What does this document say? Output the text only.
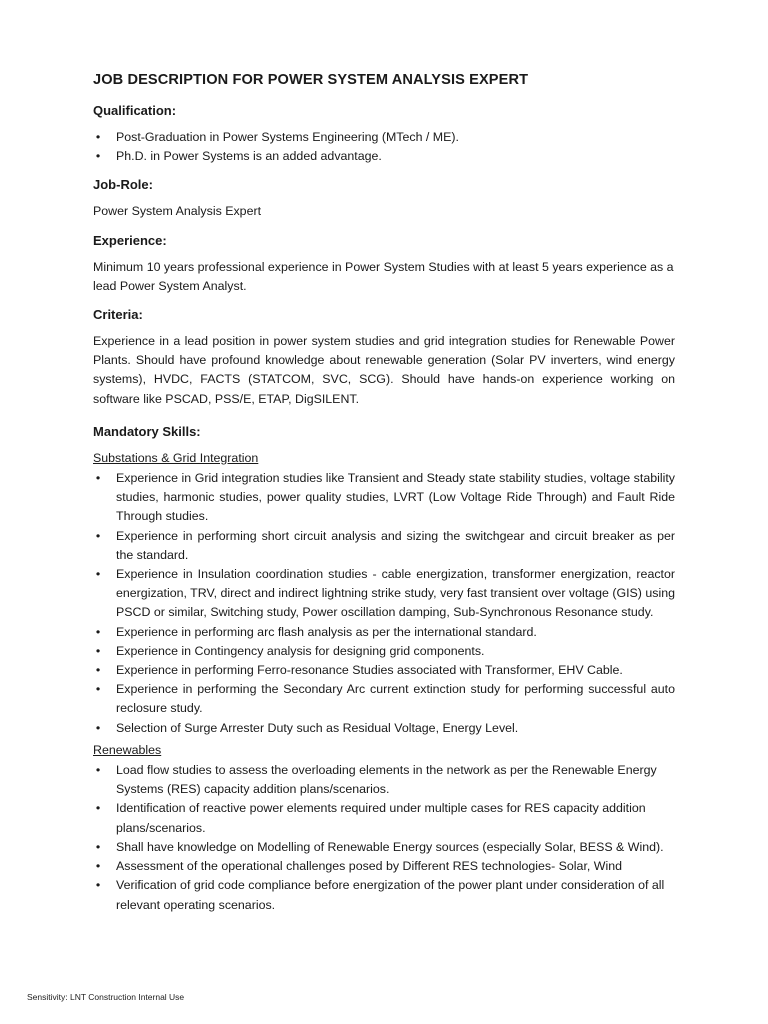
JOB DESCRIPTION FOR POWER SYSTEM ANALYSIS EXPERT
Qualification:
• Post-Graduation in Power Systems Engineering (MTech / ME).
• Ph.D. in Power Systems is an added advantage.
Job-Role:

Power System Analysis Expert

Experience:

Minimum 10 years professional experience in Power System Studies with at least 5 years experience as a lead Power System Analyst.

Criteria:

Experience in a lead position in power system studies and grid integration studies for Renewable Power Plants. Should have profound knowledge about renewable generation (Solar PV inverters, wind energy systems), HVDC, FACTS (STATCOM, SVC, SCG). Should have hands-on experience working on software like PSCAD, PSS/E, ETAP, DigSILENT.

Mandatory Skills:
Substations & Grid Integration
• Experience in Grid integration studies like Transient and Steady state stability studies, voltage stability studies, harmonic studies, power quality studies, LVRT (Low Voltage Ride Through) and Fault Ride Through studies.
• Experience in performing short circuit analysis and sizing the switchgear and circuit breaker as per the standard.
• Experience in Insulation coordination studies - cable energization, transformer energization, reactor energization, TRV, direct and indirect lightning strike study, very fast transient over voltage (GIS) using PSCD or similar, Switching study, Power oscillation damping, Sub-Synchronous Resonance study.
• Experience in performing arc flash analysis as per the international standard.
• Experience in Contingency analysis for designing grid components.
• Experience in performing Ferro-resonance Studies associated with Transformer, EHV Cable.
• Experience in performing the Secondary Arc current extinction study for performing successful auto reclosure study.
• Selection of Surge Arrester Duty such as Residual Voltage, Energy Level.
Renewables
• Load flow studies to assess the overloading elements in the network as per the Renewable Energy Systems (RES) capacity addition plans/scenarios.
• Identification of reactive power elements required under multiple cases for RES capacity addition plans/scenarios.
• Shall have knowledge on Modelling of Renewable Energy sources (especially Solar, BESS & Wind).
• Assessment of the operational challenges posed by Different RES technologies- Solar, Wind
• Verification of grid code compliance before energization of the power plant under consideration of all relevant operating scenarios.
Sensitivity: LNT Construction Internal Use
